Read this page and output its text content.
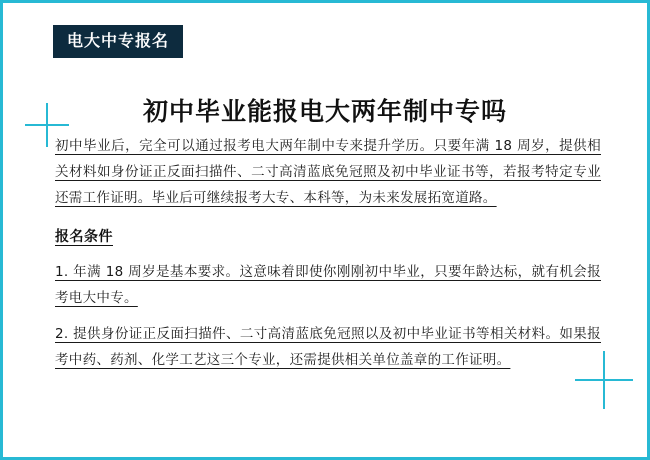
电大中专报名
初中毕业能报电大两年制中专吗

初中毕业后，完全可以通过报考电大两年制中专来提升学历。只要年满 18 周岁，提供相关材料如身份证正反面扫描件、二寸高清蓝底免冠照及初中毕业证书等，若报考特定专业还需工作证明。毕业后可继续报考大专、本科等，为未来发展拓宽道路。

报名条件

1. 年满 18 周岁是基本要求。这意味着即使你刚刚初中毕业，只要年龄达标，就有机会报考电大中专。

2. 提供身份证正反面扫描件、二寸高清蓝底免冠照以及初中毕业证书等相关材料。如果报考中药、药剂、化学工艺这三个专业，还需提供相关单位盖章的工作证明。
